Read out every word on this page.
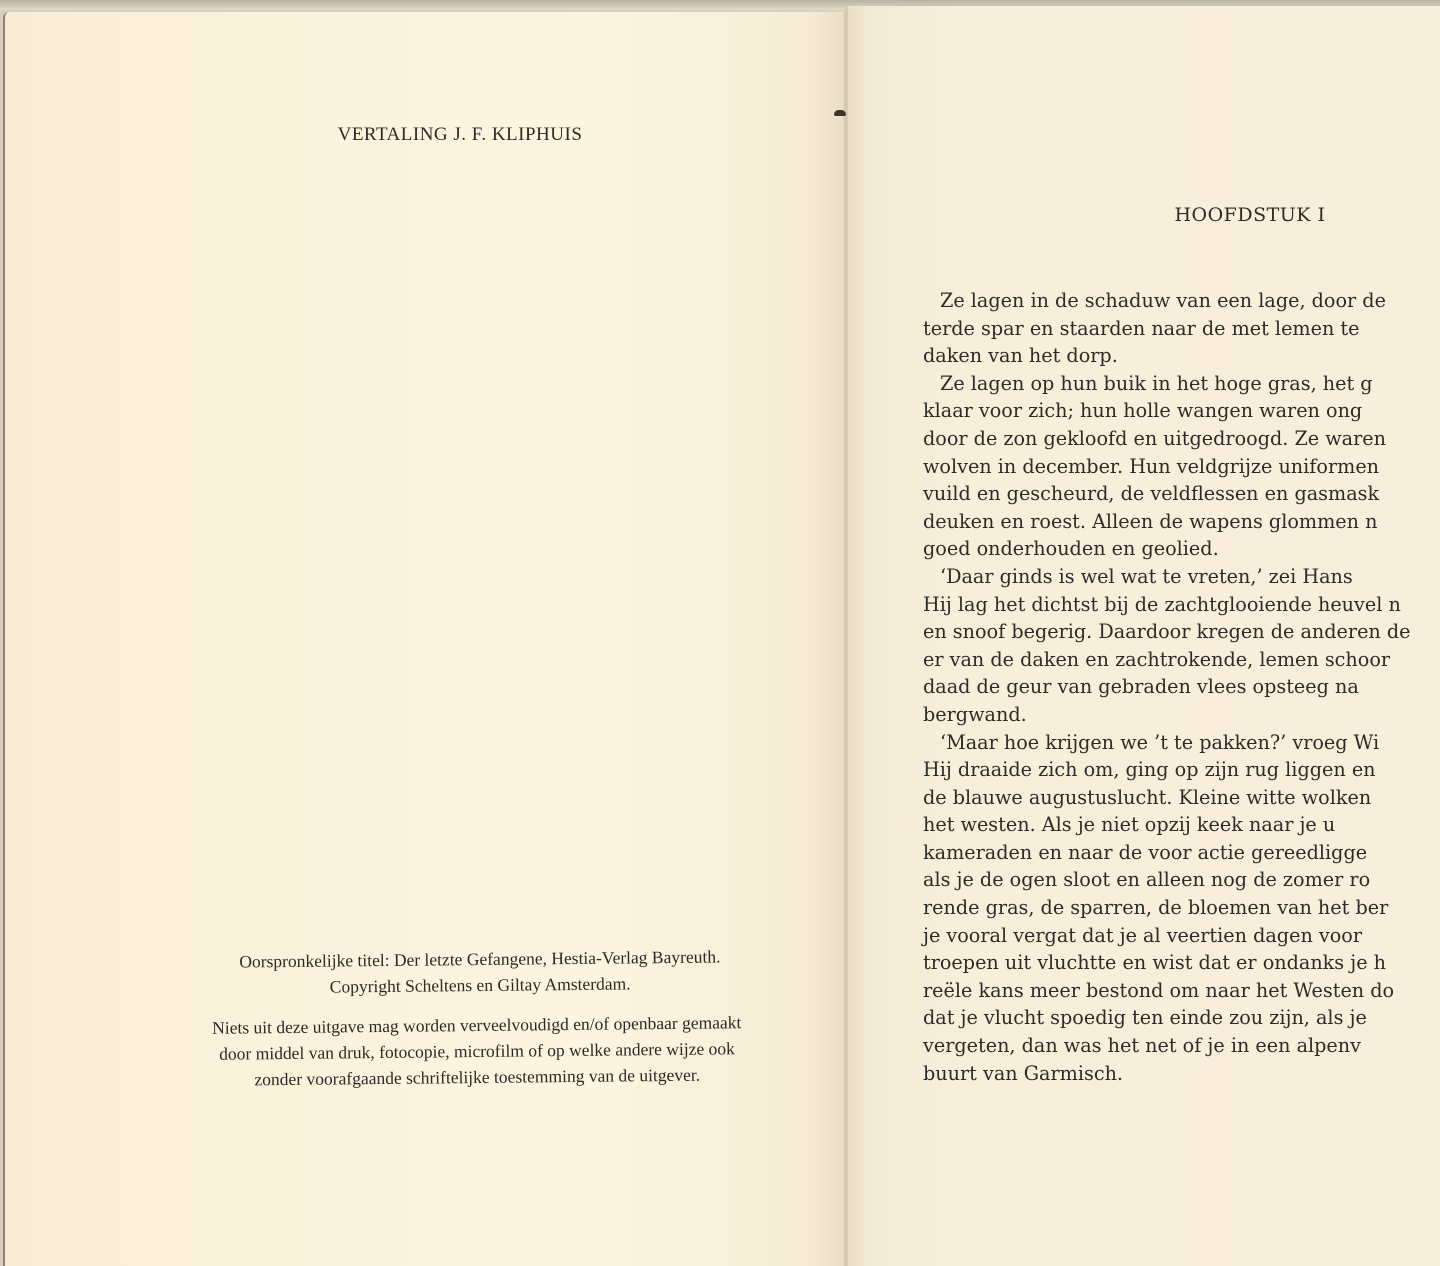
VERTALING J. F. KLIPHUIS
Oorspronkelijke titel: Der letzte Gefangene, Hestia-Verlag Bayreuth.
Copyright Scheltens en Giltay Amsterdam.
Niets uit deze uitgave mag worden verveelvoudigd en/of openbaar gemaakt
door middel van druk, fotocopie, microfilm of op welke andere wijze ook
zonder voorafgaande schriftelijke toestemming van de uitgever.
HOOFDSTUK I
Ze lagen in de schaduw van een lage, door de
terde spar en staarden naar de met lemen te
daken van het dorp.
Ze lagen op hun buik in het hoge gras, het g
klaar voor zich; hun holle wangen waren ong
door de zon gekloofd en uitgedroogd. Ze waren
wolven in december. Hun veldgrijze uniformen
vuild en gescheurd, de veldflessen en gasmask
deuken en roest. Alleen de wapens glommen n
goed onderhouden en geolied.
‘Daar ginds is wel wat te vreten,’ zei Hans
Hij lag het dichtst bij de zachtglooiende heuvel n
en snoof begerig. Daardoor kregen de anderen de
er van de daken en zachtrokende, lemen schoor
daad de geur van gebraden vlees opsteeg na
bergwand.
‘Maar hoe krijgen we ’t te pakken?’ vroeg Wi
Hij draaide zich om, ging op zijn rug liggen en
de blauwe augustuslucht. Kleine witte wolken
het westen. Als je niet opzij keek naar je u
kameraden en naar de voor actie gereedligge
als je de ogen sloot en alleen nog de zomer ro
rende gras, de sparren, de bloemen van het ber
je vooral vergat dat je al veertien dagen voor
troepen uit vluchtte en wist dat er ondanks je h
reële kans meer bestond om naar het Westen do
dat je vlucht spoedig ten einde zou zijn, als je
vergeten, dan was het net of je in een alpenv
buurt van Garmisch.
